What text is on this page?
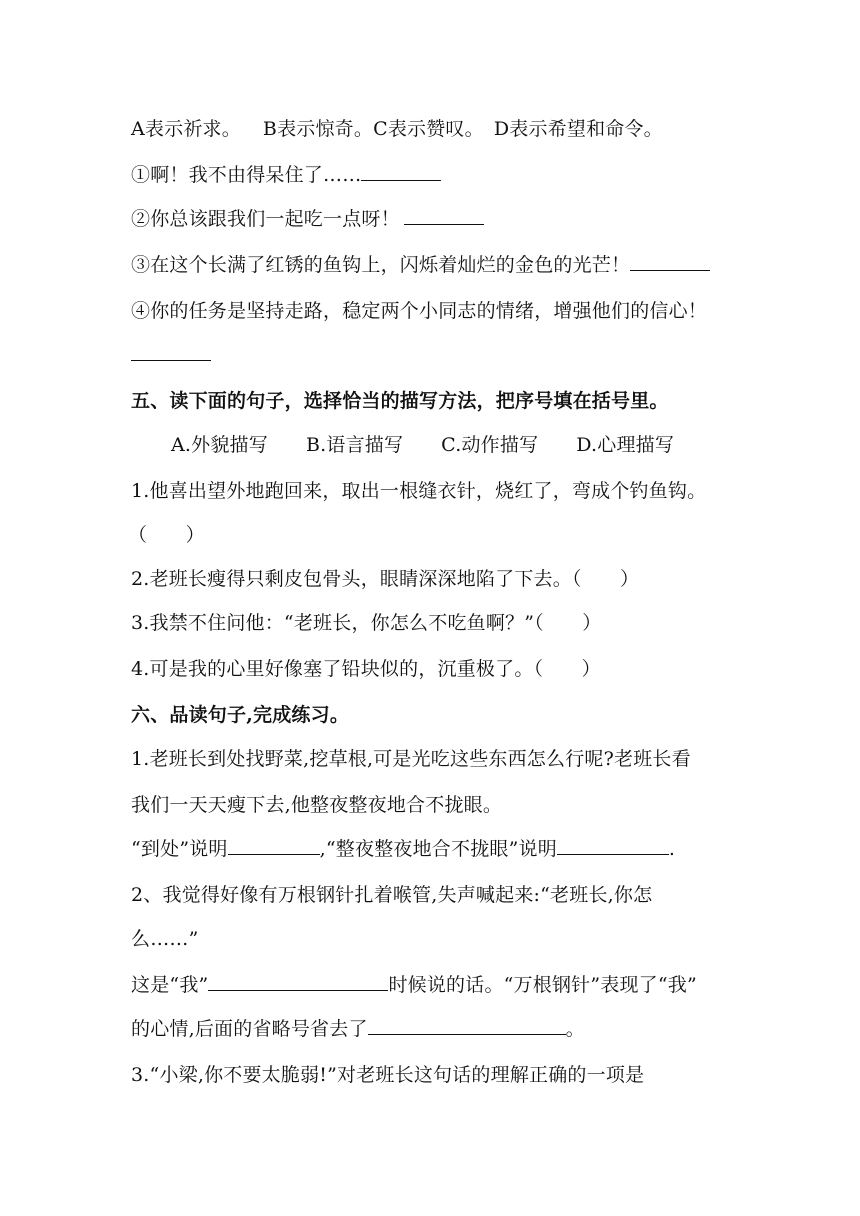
A表示祈求。 B表示惊奇。C表示赞叹。 D表示希望和命令。
①啊！我不由得呆住了……
②你总该跟我们一起吃一点呀！
③在这个长满了红锈的鱼钩上，闪烁着灿烂的金色的光芒！
④你的任务是坚持走路，稳定两个小同志的情绪，增强他们的信心！
五、读下面的句子，选择恰当的描写方法，把序号填在括号里。
A.外貌描写 B.语言描写 C.动作描写 D.心理描写
1.他喜出望外地跑回来，取出一根缝衣针，烧红了，弯成个钓鱼钩。
（　　）
2.老班长瘦得只剩皮包骨头，眼睛深深地陷了下去。（　　）
3.我禁不住问他：“老班长，你怎么不吃鱼啊？”（　　）
4.可是我的心里好像塞了铅块似的，沉重极了。（　　）
六、品读句子,完成练习。
1.老班长到处找野菜,挖草根,可是光吃这些东西怎么行呢?老班长看
我们一天天瘦下去,他整夜整夜地合不拢眼。
“到处”说明	,“整夜整夜地合不拢眼”说明	.
2、我觉得好像有万根钢针扎着喉管,失声喊起来:“老班长,你怎
么……”
这是“我”	时候说的话。“万根钢针”表现了“我”
的心情,后面的省略号省去了	。
3.“小梁,你不要太脆弱!”对老班长这句话的理解正确的一项是
